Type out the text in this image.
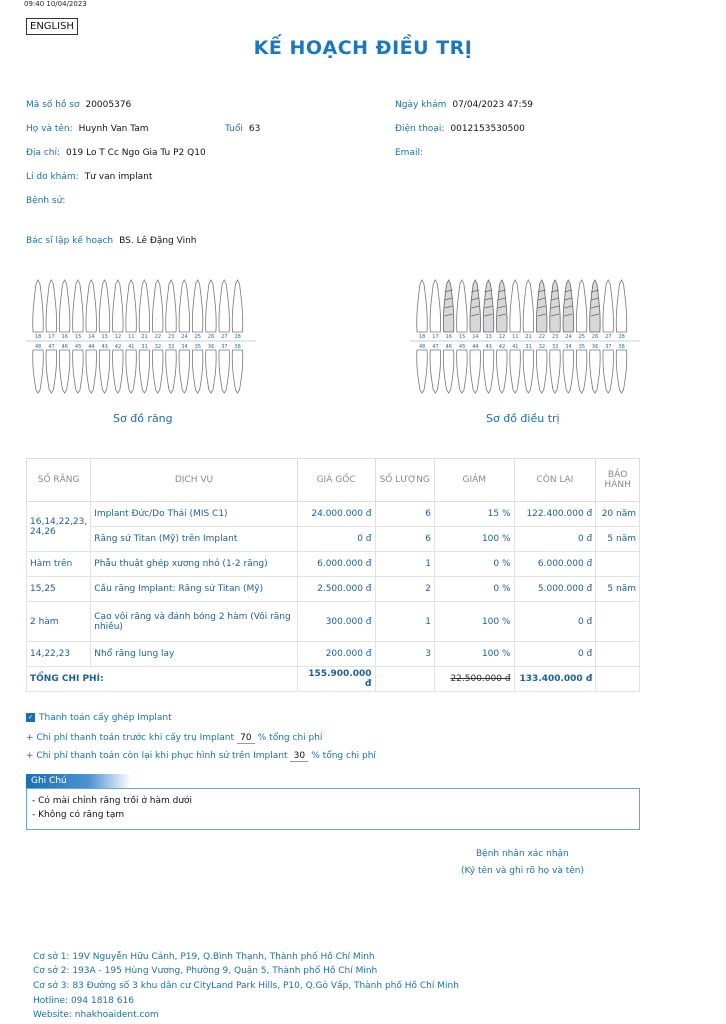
09:40 10/04/2023
ENGLISH
KẾ HOẠCH ĐIỀU TRỊ
Mã số hồ sơ 20005376	Ngày khám 07/04/2023 47:59
Họ và tên: Huynh Van Tam	Tuổi 63	Điện thoại: 0012153530500
Địa chỉ: 019 Lo T Cc Ngo Gia Tu P2 Q10	Email:
Lí do khám: Tư van implant
Bệnh sử:
Bác sĩ lập kế hoạch BS. Lê Đặng Vinh
18 17 16 15 14 13 12 11 21 22 23 24 25 26 27 28
48 47 46 45 44 43 42 41 31 32 33 34 35 36 37 38
Sơ đồ răng
18 17 16 15 14 13 12 11 21 22 23 24 25 26 27 28
48 47 46 45 44 43 42 41 31 32 33 34 35 36 37 38
Sơ đồ điều trị
SỐ RĂNG	DỊCH VỤ	GIÁ GỐC	SỐ LƯỢNG	GIẢM	CÒN LẠI	BẢO HÀNH
16,14,22,23, 24,26	Implant Đức/Do Thái (MIS C1)	24.000.000 đ	6	15 %	122.400.000 đ	20 năm
	Răng sứ Titan (Mỹ) trên Implant	0 đ	6	100 %	0 đ	5 năm
Hàm trên	Phẫu thuật ghép xương nhỏ (1-2 răng)	6.000.000 đ	1	0 %	6.000.000 đ	
15,25	Cầu răng Implant: Răng sứ Titan (Mỹ)	2.500.000 đ	2	0 %	5.000.000 đ	5 năm
2 hàm	Cạo vôi răng và đánh bóng 2 hàm (Vôi răng nhiều)	300.000 đ	1	100 %	0 đ	
14,22,23	Nhổ răng lung lay	200.000 đ	3	100 %	0 đ	
TỔNG CHI PHÍ:		155.900.000 đ		22.500.000 đ	133.400.000 đ	
✓ Thanh toán cấy ghép Implant
+ Chi phí thanh toán trước khi cấy trụ Implant 70 % tổng chi phí
+ Chi phí thanh toán còn lại khi phục hình sứ trên Implant 30 % tổng chi phí
Ghi Chú
- Có mài chỉnh răng trồi ở hàm dưới
- Không có răng tạm
Bệnh nhân xác nhận
(Ký tên và ghi rõ họ và tên)
Cơ sở 1: 19V Nguyễn Hữu Cảnh, P19, Q.Bình Thạnh, Thành phố Hồ Chí Minh
Cơ sở 2: 193A - 195 Hùng Vương, Phường 9, Quận 5, Thành phố Hồ Chí Minh
Cơ sở 3: 83 Đường số 3 khu dân cư CityLand Park Hills, P10, Q.Gò Vấp, Thành phố Hồ Chí Minh
Hotline: 094 1818 616
Website: nhakhoaident.com
